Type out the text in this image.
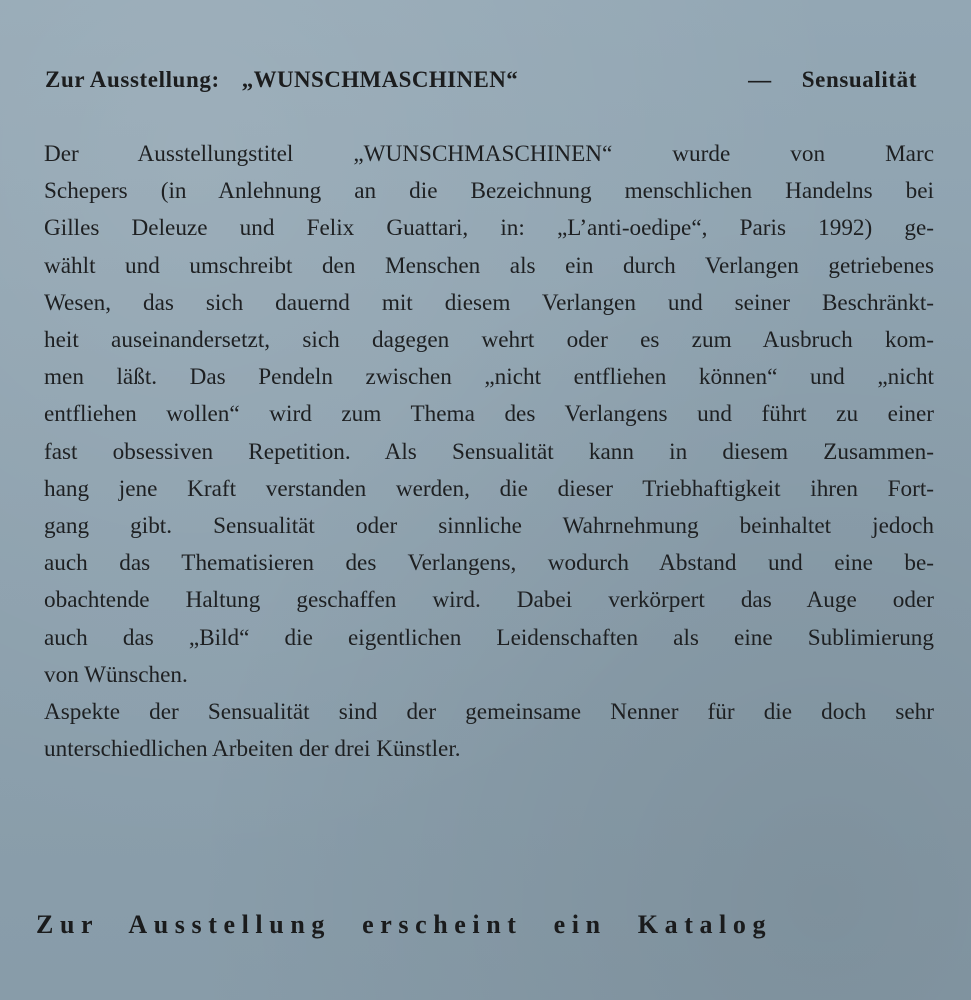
Zur Ausstellung: „WUNSCHMASCHINEN“	— Sensualität
Der Ausstellungstitel „WUNSCHMASCHINEN“ wurde von Marc
Schepers (in Anlehnung an die Bezeichnung menschlichen Handelns bei
Gilles Deleuze und Felix Guattari, in: „L’anti-oedipe“, Paris 1992) ge-
wählt und umschreibt den Menschen als ein durch Verlangen getriebenes
Wesen, das sich dauernd mit diesem Verlangen und seiner Beschränkt-
heit auseinandersetzt, sich dagegen wehrt oder es zum Ausbruch kom-
men läßt. Das Pendeln zwischen „nicht entfliehen können“ und „nicht
entfliehen wollen“ wird zum Thema des Verlangens und führt zu einer
fast obsessiven Repetition. Als Sensualität kann in diesem Zusammen-
hang jene Kraft verstanden werden, die dieser Triebhaftigkeit ihren Fort-
gang gibt. Sensualität oder sinnliche Wahrnehmung beinhaltet jedoch
auch das Thematisieren des Verlangens, wodurch Abstand und eine be-
obachtende Haltung geschaffen wird. Dabei verkörpert das Auge oder
auch das „Bild“ die eigentlichen Leidenschaften als eine Sublimierung
von Wünschen.
Aspekte der Sensualität sind der gemeinsame Nenner für die doch sehr
unterschiedlichen Arbeiten der drei Künstler.
Zur Ausstellung erscheint ein Katalog
